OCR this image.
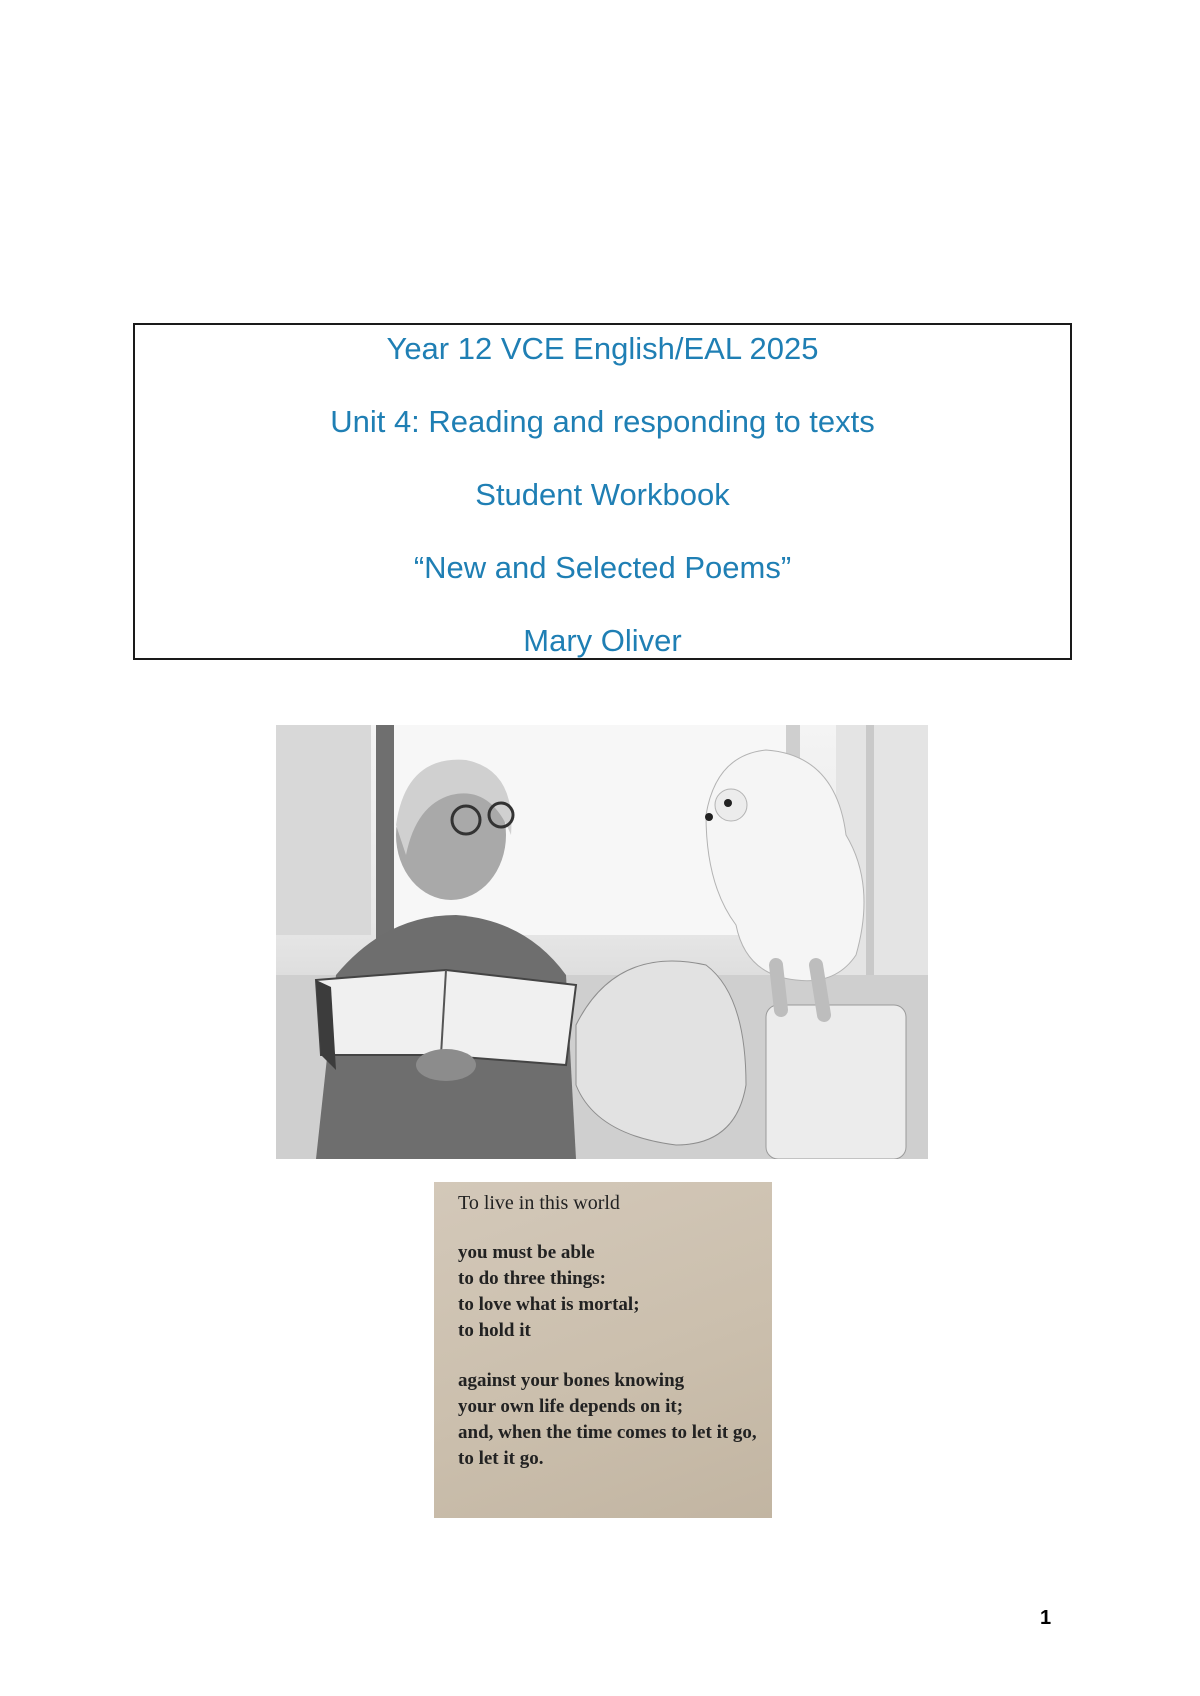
Year 12 VCE English/EAL 2025
Unit 4: Reading and responding to texts
Student Workbook
“New and Selected Poems”
Mary Oliver
To live in this world
you must be able
to do three things:
to love what is mortal;
to hold it
against your bones knowing
your own life depends on it;
and, when the time comes to let it go,
to let it go.
1
